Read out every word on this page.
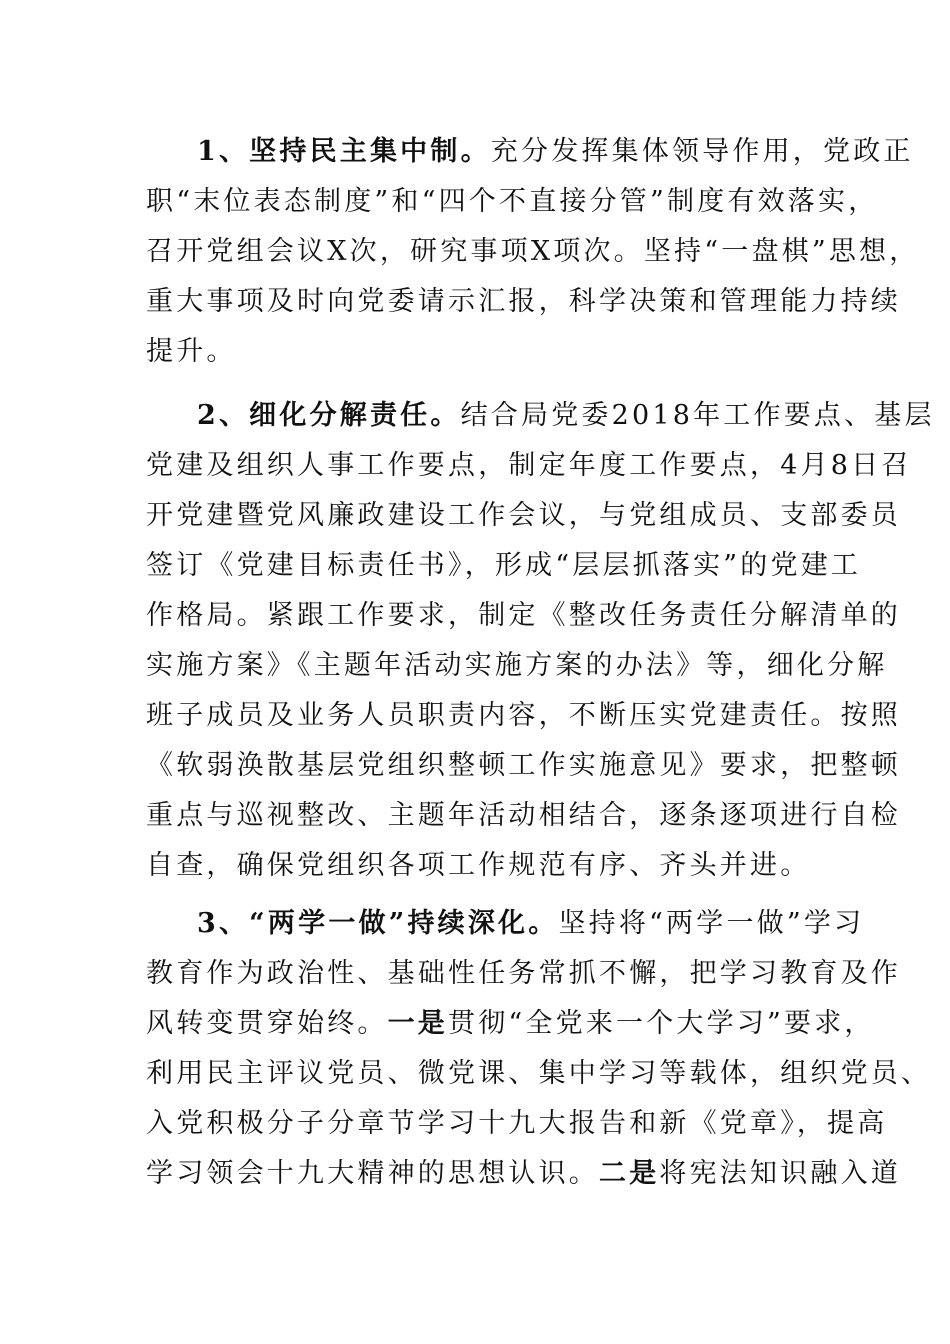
1、坚持民主集中制。充分发挥集体领导作用，党政正
职“末位表态制度”和“四个不直接分管”制度有效落实，
召开党组会议X次，研究事项X项次。坚持“一盘棋”思想，
重大事项及时向党委请示汇报，科学决策和管理能力持续
提升。
2、细化分解责任。结合局党委2018年工作要点、基层
党建及组织人事工作要点，制定年度工作要点，4月8日召
开党建暨党风廉政建设工作会议，与党组成员、支部委员
签订《党建目标责任书》，形成“层层抓落实”的党建工
作格局。紧跟工作要求，制定《整改任务责任分解清单的
实施方案》《主题年活动实施方案的办法》等，细化分解
班子成员及业务人员职责内容，不断压实党建责任。按照
《软弱涣散基层党组织整顿工作实施意见》要求，把整顿
重点与巡视整改、主题年活动相结合，逐条逐项进行自检
自查，确保党组织各项工作规范有序、齐头并进。
3、“两学一做”持续深化。坚持将“两学一做”学习
教育作为政治性、基础性任务常抓不懈，把学习教育及作
风转变贯穿始终。一是贯彻“全党来一个大学习”要求，
利用民主评议党员、微党课、集中学习等载体，组织党员、
入党积极分子分章节学习十九大报告和新《党章》，提高
学习领会十九大精神的思想认识。二是将宪法知识融入道
